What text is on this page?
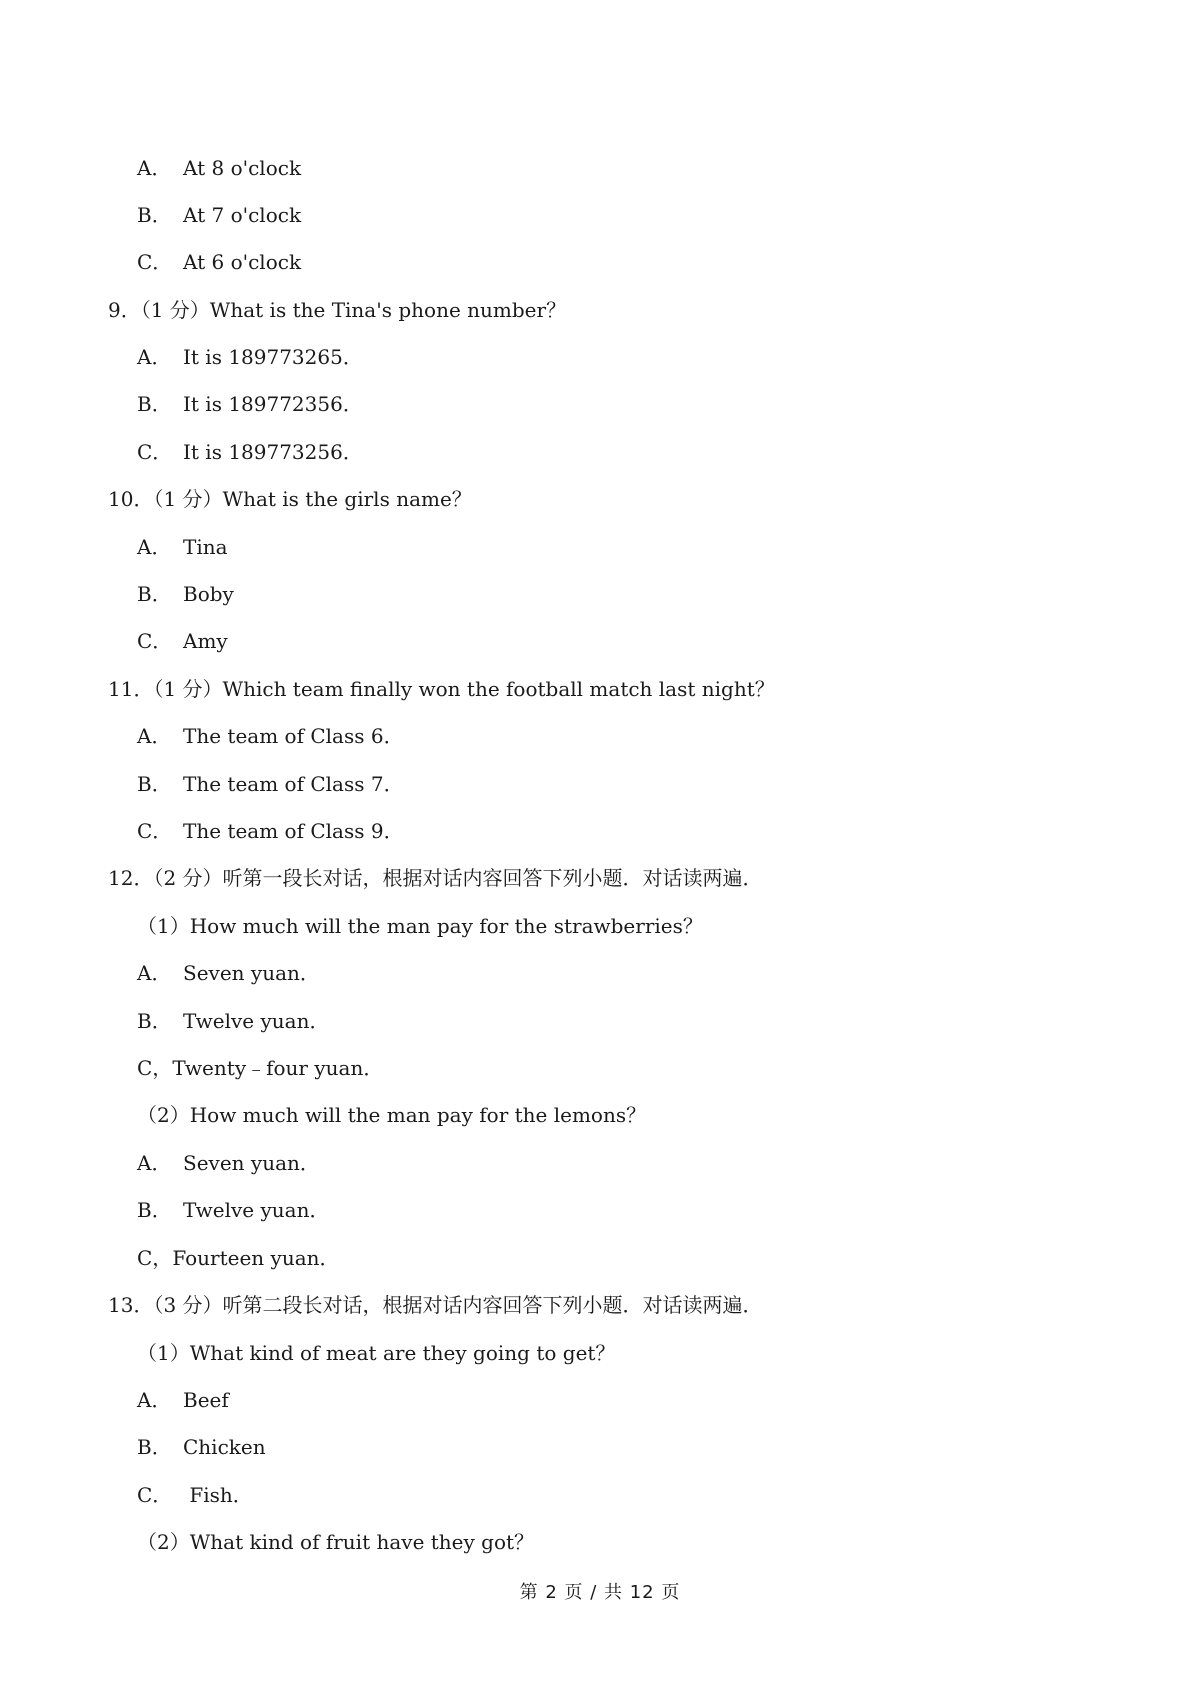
A． At 8 o'clock
B． At 7 o'clock
C． At 6 o'clock
9．（1 分）What is the Tina's phone number？
A． It is 189773265．
B． It is 189772356．
C． It is 189773256．
10．（1 分）What is the girls name？
A． Tina
B． Boby
C． Amy
11．（1 分）Which team finally won the football match last night？
A． The team of Class 6．
B． The team of Class 7．
C． The team of Class 9．
12．（2 分）听第一段长对话，根据对话内容回答下列小题．对话读两遍．
（1）How much will the man pay for the strawberries？
A． Seven yuan．
B． Twelve yuan．
C，Twenty﹣four yuan．
（2）How much will the man pay for the lemons？
A． Seven yuan．
B． Twelve yuan．
C，Fourteen yuan．
13．（3 分）听第二段长对话，根据对话内容回答下列小题．对话读两遍．
（1）What kind of meat are they going to get？
A． Beef
B． Chicken
C． Fish．
（2）What kind of fruit have they got？
第 2 页 / 共 12 页
